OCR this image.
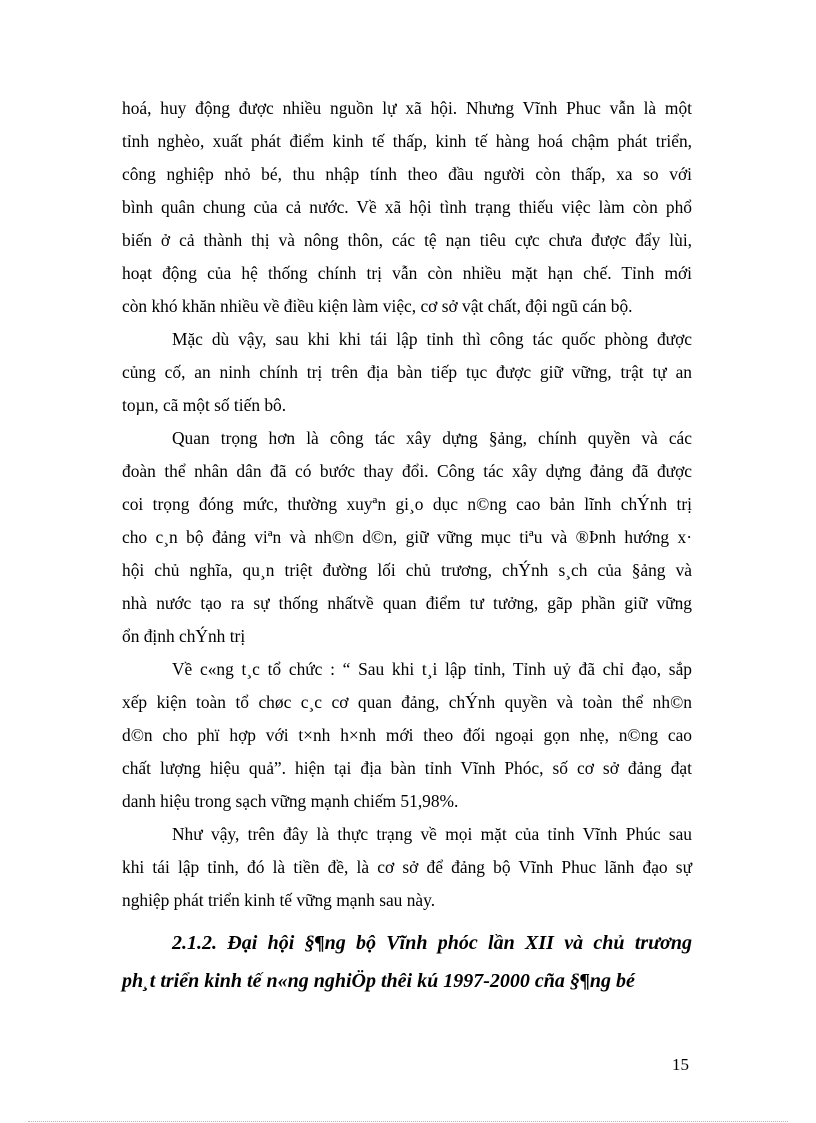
hoá, huy động được nhiều nguồn lự xã hội. Nhưng Vĩnh Phuc vẫn là một
tỉnh nghèo, xuất phát điểm kinh tế thấp, kinh tế hàng hoá chậm phát triển,
công nghiệp nhỏ bé, thu nhập tính theo đầu người còn thấp, xa so với
bình quân chung của cả nước. Về xã hội tình trạng thiếu việc làm còn phổ
biến ở cả thành thị và nông thôn, các tệ nạn tiêu cực chưa được đẩy lùi,
hoạt động của hệ thống chính trị vẫn còn nhiều mặt hạn chế. Tỉnh mới
còn khó khăn nhiều về điều kiện làm việc, cơ sở vật chất, đội ngũ cán bộ.
Mặc dù vậy, sau khi khi tái lập tỉnh thì công tác quốc phòng được
củng cố, an ninh chính trị trên địa bàn tiếp tục được giữ vững, trật tự an
toµn, cã một số tiến bô.
Quan trọng hơn là công tác xây dựng §ảng, chính quyền và các
đoàn thể nhân dân đã có bước thay đổi. Công tác xây dựng đảng đã được
coi trọng đóng mức, thường xuyªn gi¸o dục n©ng cao bản lĩnh chÝnh trị
cho c¸n bộ đảng viªn và nh©n d©n, giữ vững mục tiªu và ®Þnh hướng x·
hội chủ nghĩa, qu¸n triệt đường lối chủ trương, chÝnh s¸ch của §ảng và
nhà nước tạo ra sự thống nhấtvề quan điểm tư tưởng, gãp phần giữ vững
ổn định chÝnh trị
Về c«ng t¸c tổ chức : “ Sau khi t¸i lập tỉnh, Tỉnh uỷ đã chỉ đạo, sắp
xếp kiện toàn tổ chøc c¸c cơ quan đảng, chÝnh quyền và toàn thể nh©n
d©n cho phï hợp với t×nh h×nh mới theo đối ngoại gọn nhẹ, n©ng cao
chất lượng hiệu quả”. hiện tại địa bàn tỉnh Vĩnh Phóc, số cơ sở đảng đạt
danh hiệu trong sạch vững mạnh chiếm 51,98%.
Như vậy, trên đây là thực trạng về mọi mặt của tỉnh Vĩnh Phúc sau
khi tái lập tỉnh, đó là tiền đề, là cơ sở để đảng bộ Vĩnh Phuc lãnh đạo sự
nghiệp phát triển kinh tế vững mạnh sau này.
2.1.2. Đại hội §¶ng bộ Vĩnh phóc lần XII và chủ trương
ph¸t triển kinh tế n«ng nghiÖp thêi kú 1997-2000 cña §¶ng bé
15
